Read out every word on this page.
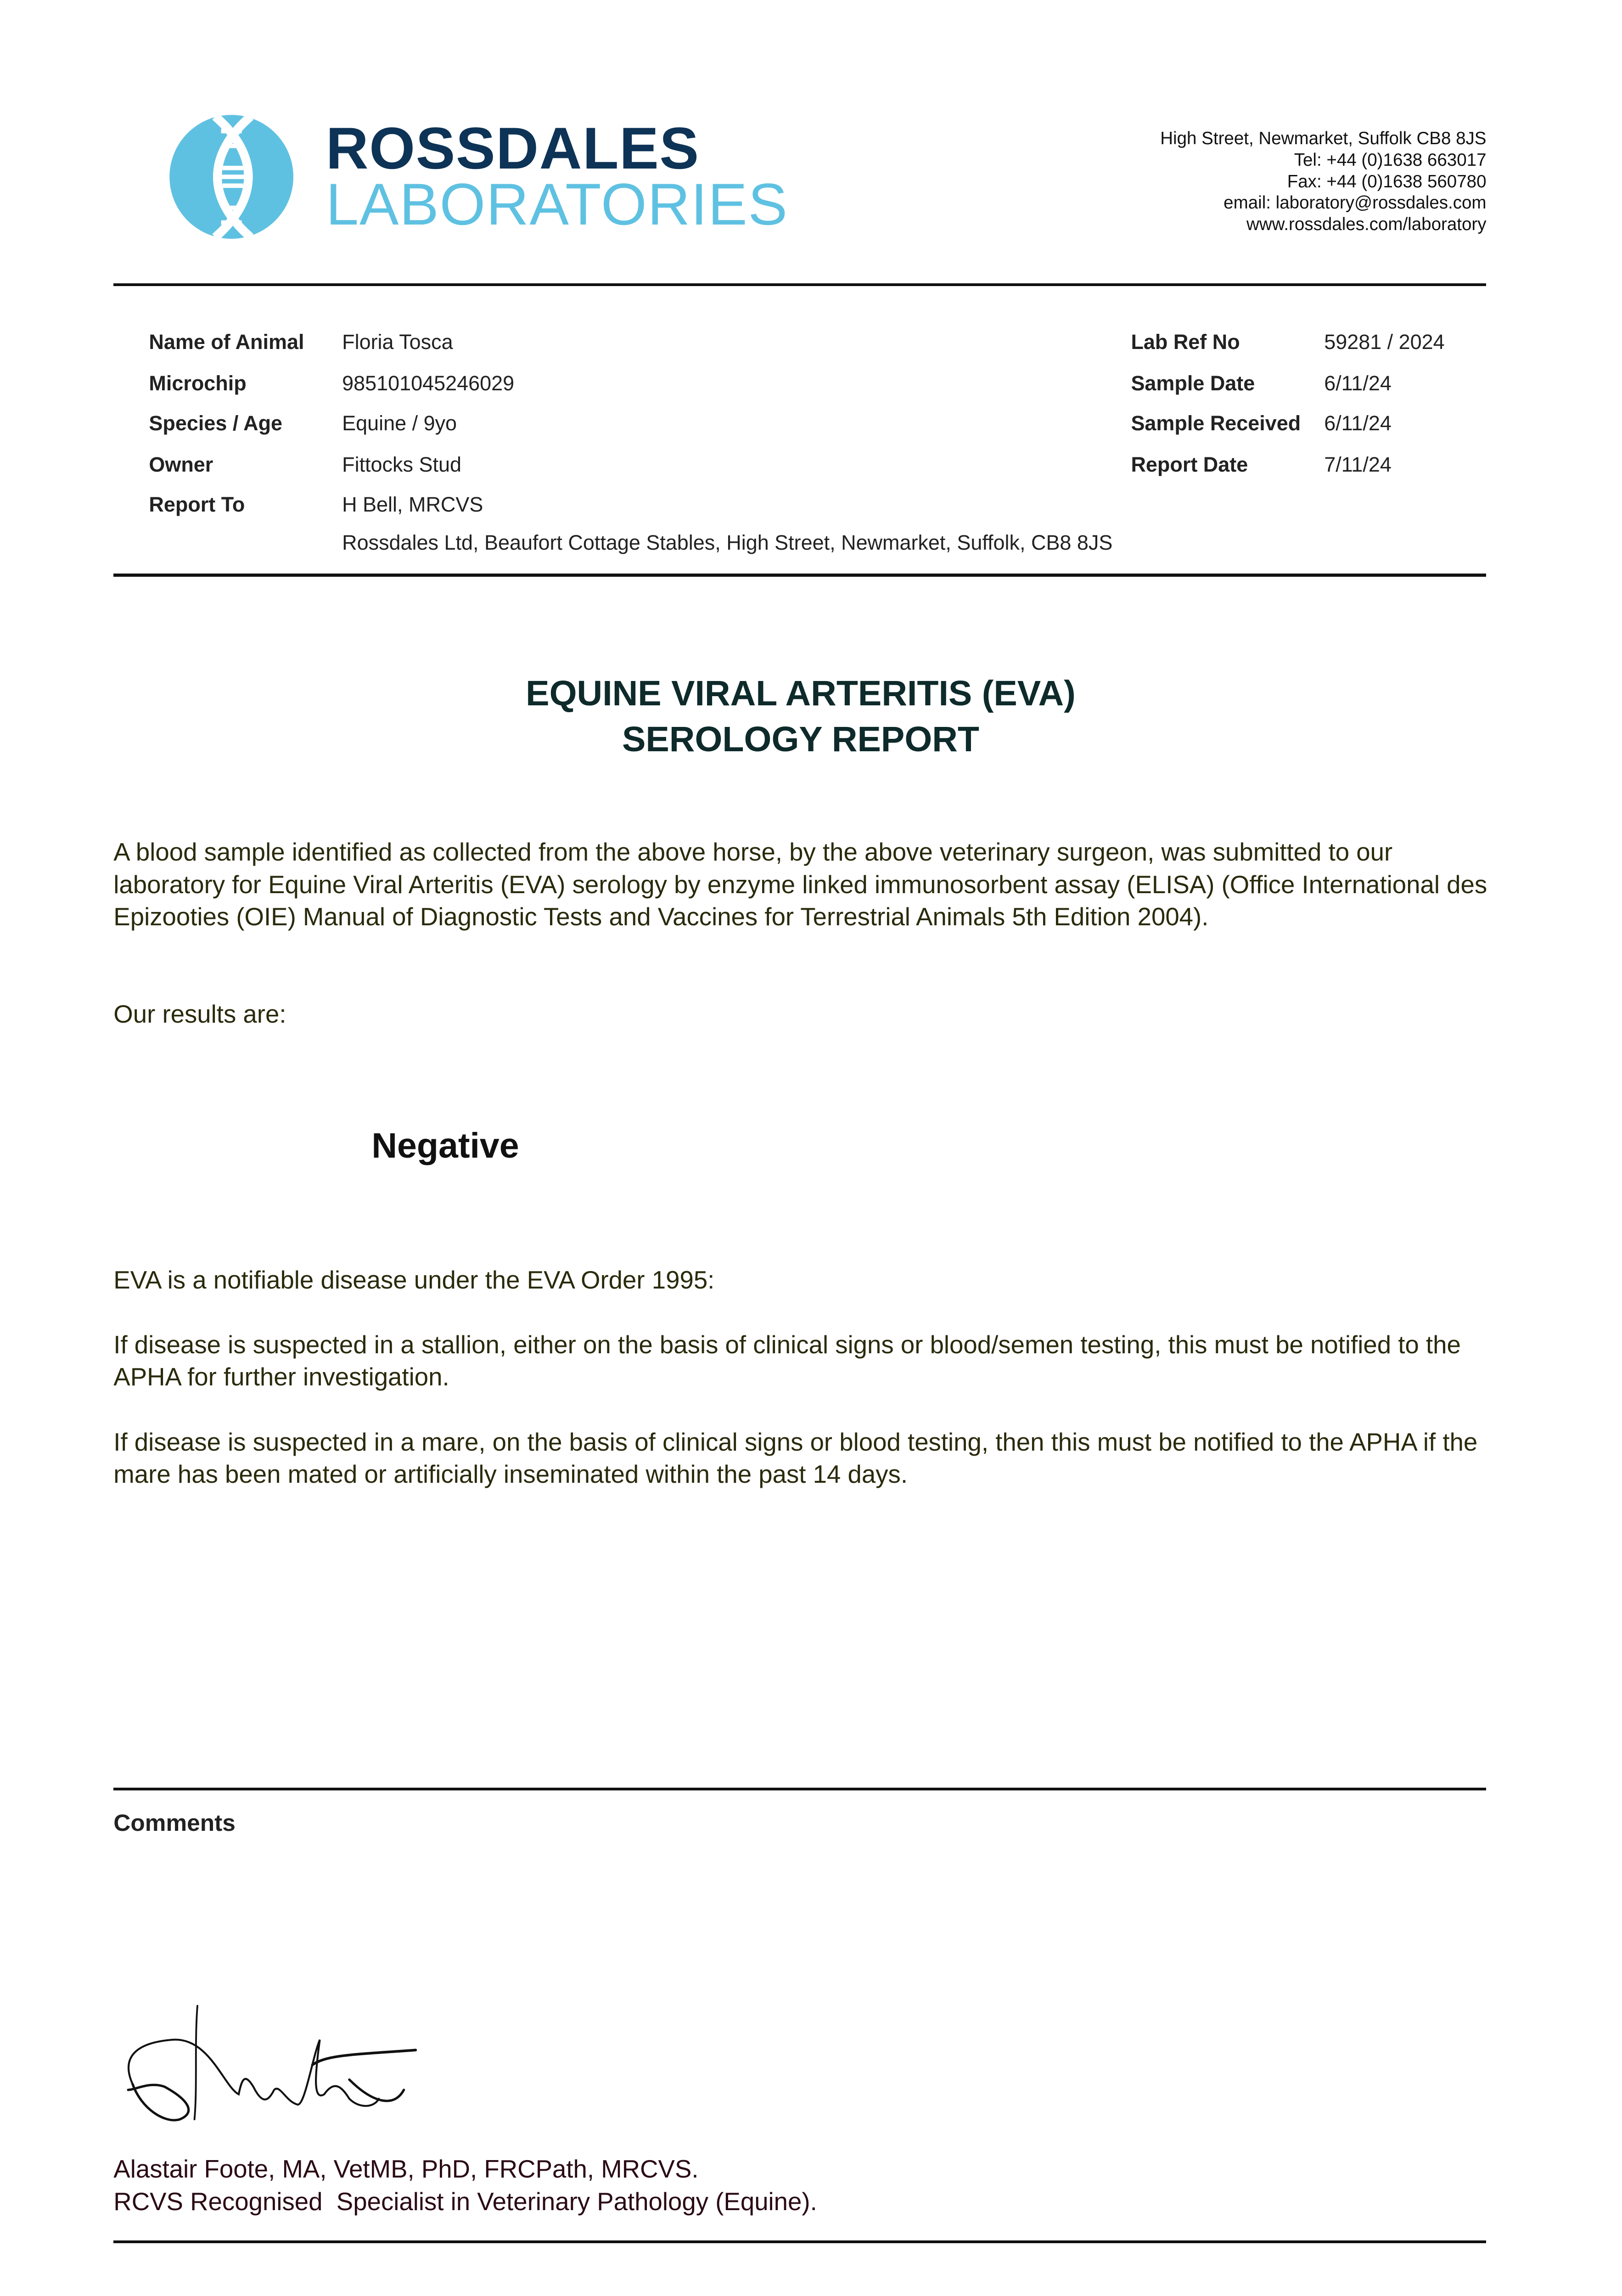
ROSSDALES
LABORATORIES
High Street, Newmarket, Suffolk CB8 8JS
Tel: +44 (0)1638 663017
Fax: +44 (0)1638 560780
email: laboratory@rossdales.com
www.rossdales.com/laboratory
Name of Animal Floria Tosca
Microchip	985101045246029
Species / Age	Equine / 9yo
Owner	Fittocks Stud
Report To	H Bell, MRCVS
Rossdales Ltd, Beaufort Cottage Stables, High Street, Newmarket, Suffolk, CB8 8JS
Lab Ref No	59281 / 2024
Sample Date	6/11/24
Sample Received 6/11/24
Report Date	7/11/24
EQUINE VIRAL ARTERITIS (EVA)
SEROLOGY REPORT
A blood sample identified as collected from the above horse, by the above veterinary surgeon, was submitted to our laboratory for Equine Viral Arteritis (EVA) serology by enzyme linked immunosorbent assay (ELISA) (Office International des Epizooties (OIE) Manual of Diagnostic Tests and Vaccines for Terrestrial Animals 5th Edition 2004).
Our results are:
Negative
EVA is a notifiable disease under the EVA Order 1995:
If disease is suspected in a stallion, either on the basis of clinical signs or blood/semen testing, this must be notified to the APHA for further investigation.
If disease is suspected in a mare, on the basis of clinical signs or blood testing, then this must be notified to the APHA if the mare has been mated or artificially inseminated within the past 14 days.
Comments
Alastair Foote, MA, VetMB, PhD, FRCPath, MRCVS.
RCVS Recognised  Specialist in Veterinary Pathology (Equine).
